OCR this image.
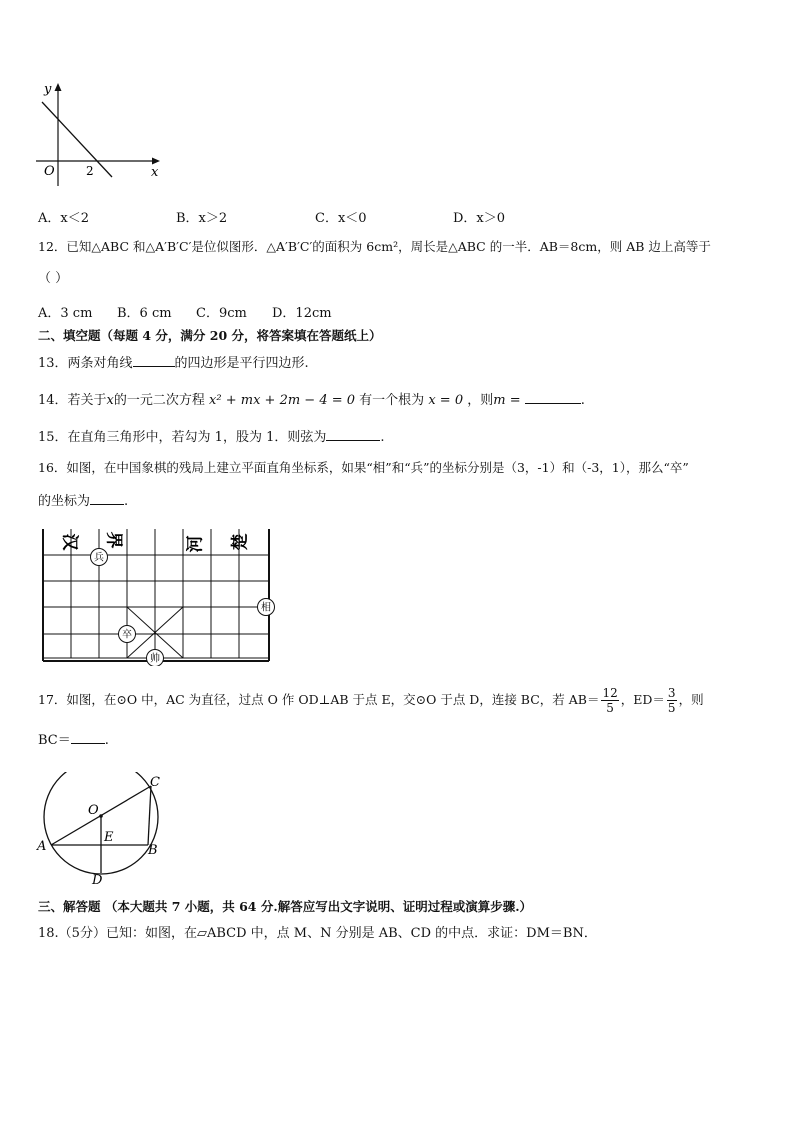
y
x
O	2
A．x＜2	B．x＞2	C．x＜0	D．x＞0
12．已知△ABC 和△A′B′C′是位似图形．△A′B′C′的面积为 6cm²，周长是△ABC 的一半．AB＝8cm，则 AB 边上高等于
（ ）
A．3 cm B．6 cm C．9cm D．12cm
二、填空题（每题 4 分，满分 20 分，将答案填在答题纸上）
13．两条对角线	的四边形是平行四边形.
14．若关于x的一元二次方程 x² + mx + 2m − 4 = 0 有一个根为 x = 0 ，则m =	.
15．在直角三角形中，若勾为 1，股为 1．则弦为	.
16．如图，在中国象棋的残局上建立平面直角坐标系，如果“相”和“兵”的坐标分别是（3，-1）和（-3，1），那么“卒”
的坐标为	.
汉 界	河 楚
兵
相
卒
帅
17．如图，在⊙O 中，AC 为直径，过点 O 作 OD⊥AB 于点 E，交⊙O 于点 D，连接 BC，若 $AB= \frac{12}{5}$ ，$ED= \frac{3}{5}$ ，则
BC＝	.
C
O
E
A	B
D
三、解答题 （本大题共 7 小题，共 64 分.解答应写出文字说明、证明过程或演算步骤.）
18.（5分）已知：如图，在▱ABCD 中，点 M、N 分别是 AB、CD 的中点．求证：DM＝BN．
